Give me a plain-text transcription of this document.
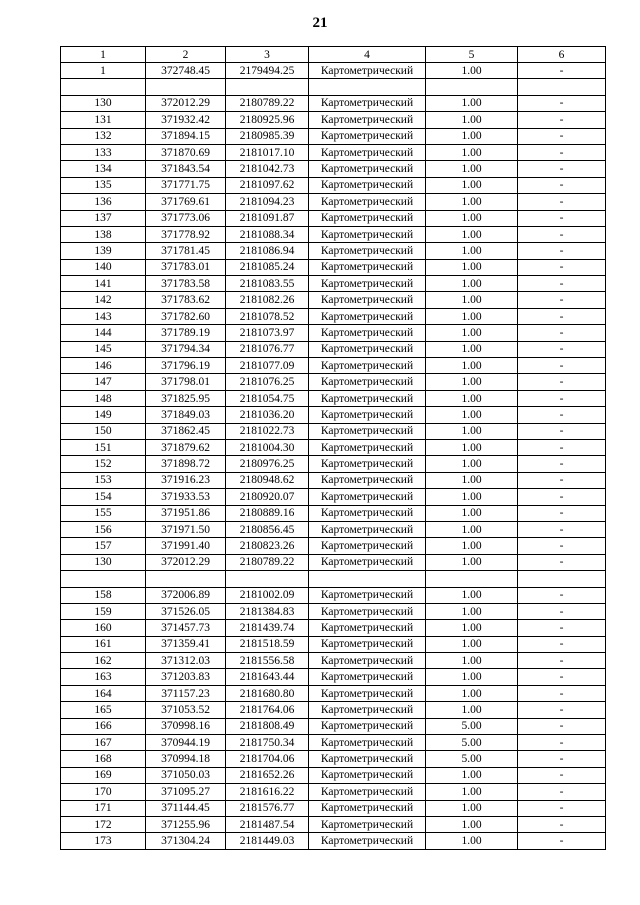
21
1	2	3	4	5	6
1	372748.45	2179494.25	Картометрический	1.00	-

130	372012.29	2180789.22	Картометрический	1.00	-
131	371932.42	2180925.96	Картометрический	1.00	-
132	371894.15	2180985.39	Картометрический	1.00	-
133	371870.69	2181017.10	Картометрический	1.00	-
134	371843.54	2181042.73	Картометрический	1.00	-
135	371771.75	2181097.62	Картометрический	1.00	-
136	371769.61	2181094.23	Картометрический	1.00	-
137	371773.06	2181091.87	Картометрический	1.00	-
138	371778.92	2181088.34	Картометрический	1.00	-
139	371781.45	2181086.94	Картометрический	1.00	-
140	371783.01	2181085.24	Картометрический	1.00	-
141	371783.58	2181083.55	Картометрический	1.00	-
142	371783.62	2181082.26	Картометрический	1.00	-
143	371782.60	2181078.52	Картометрический	1.00	-
144	371789.19	2181073.97	Картометрический	1.00	-
145	371794.34	2181076.77	Картометрический	1.00	-
146	371796.19	2181077.09	Картометрический	1.00	-
147	371798.01	2181076.25	Картометрический	1.00	-
148	371825.95	2181054.75	Картометрический	1.00	-
149	371849.03	2181036.20	Картометрический	1.00	-
150	371862.45	2181022.73	Картометрический	1.00	-
151	371879.62	2181004.30	Картометрический	1.00	-
152	371898.72	2180976.25	Картометрический	1.00	-
153	371916.23	2180948.62	Картометрический	1.00	-
154	371933.53	2180920.07	Картометрический	1.00	-
155	371951.86	2180889.16	Картометрический	1.00	-
156	371971.50	2180856.45	Картометрический	1.00	-
157	371991.40	2180823.26	Картометрический	1.00	-
130	372012.29	2180789.22	Картометрический	1.00	-

158	372006.89	2181002.09	Картометрический	1.00	-
159	371526.05	2181384.83	Картометрический	1.00	-
160	371457.73	2181439.74	Картометрический	1.00	-
161	371359.41	2181518.59	Картометрический	1.00	-
162	371312.03	2181556.58	Картометрический	1.00	-
163	371203.83	2181643.44	Картометрический	1.00	-
164	371157.23	2181680.80	Картометрический	1.00	-
165	371053.52	2181764.06	Картометрический	1.00	-
166	370998.16	2181808.49	Картометрический	5.00	-
167	370944.19	2181750.34	Картометрический	5.00	-
168	370994.18	2181704.06	Картометрический	5.00	-
169	371050.03	2181652.26	Картометрический	1.00	-
170	371095.27	2181616.22	Картометрический	1.00	-
171	371144.45	2181576.77	Картометрический	1.00	-
172	371255.96	2181487.54	Картометрический	1.00	-
173	371304.24	2181449.03	Картометрический	1.00	-
